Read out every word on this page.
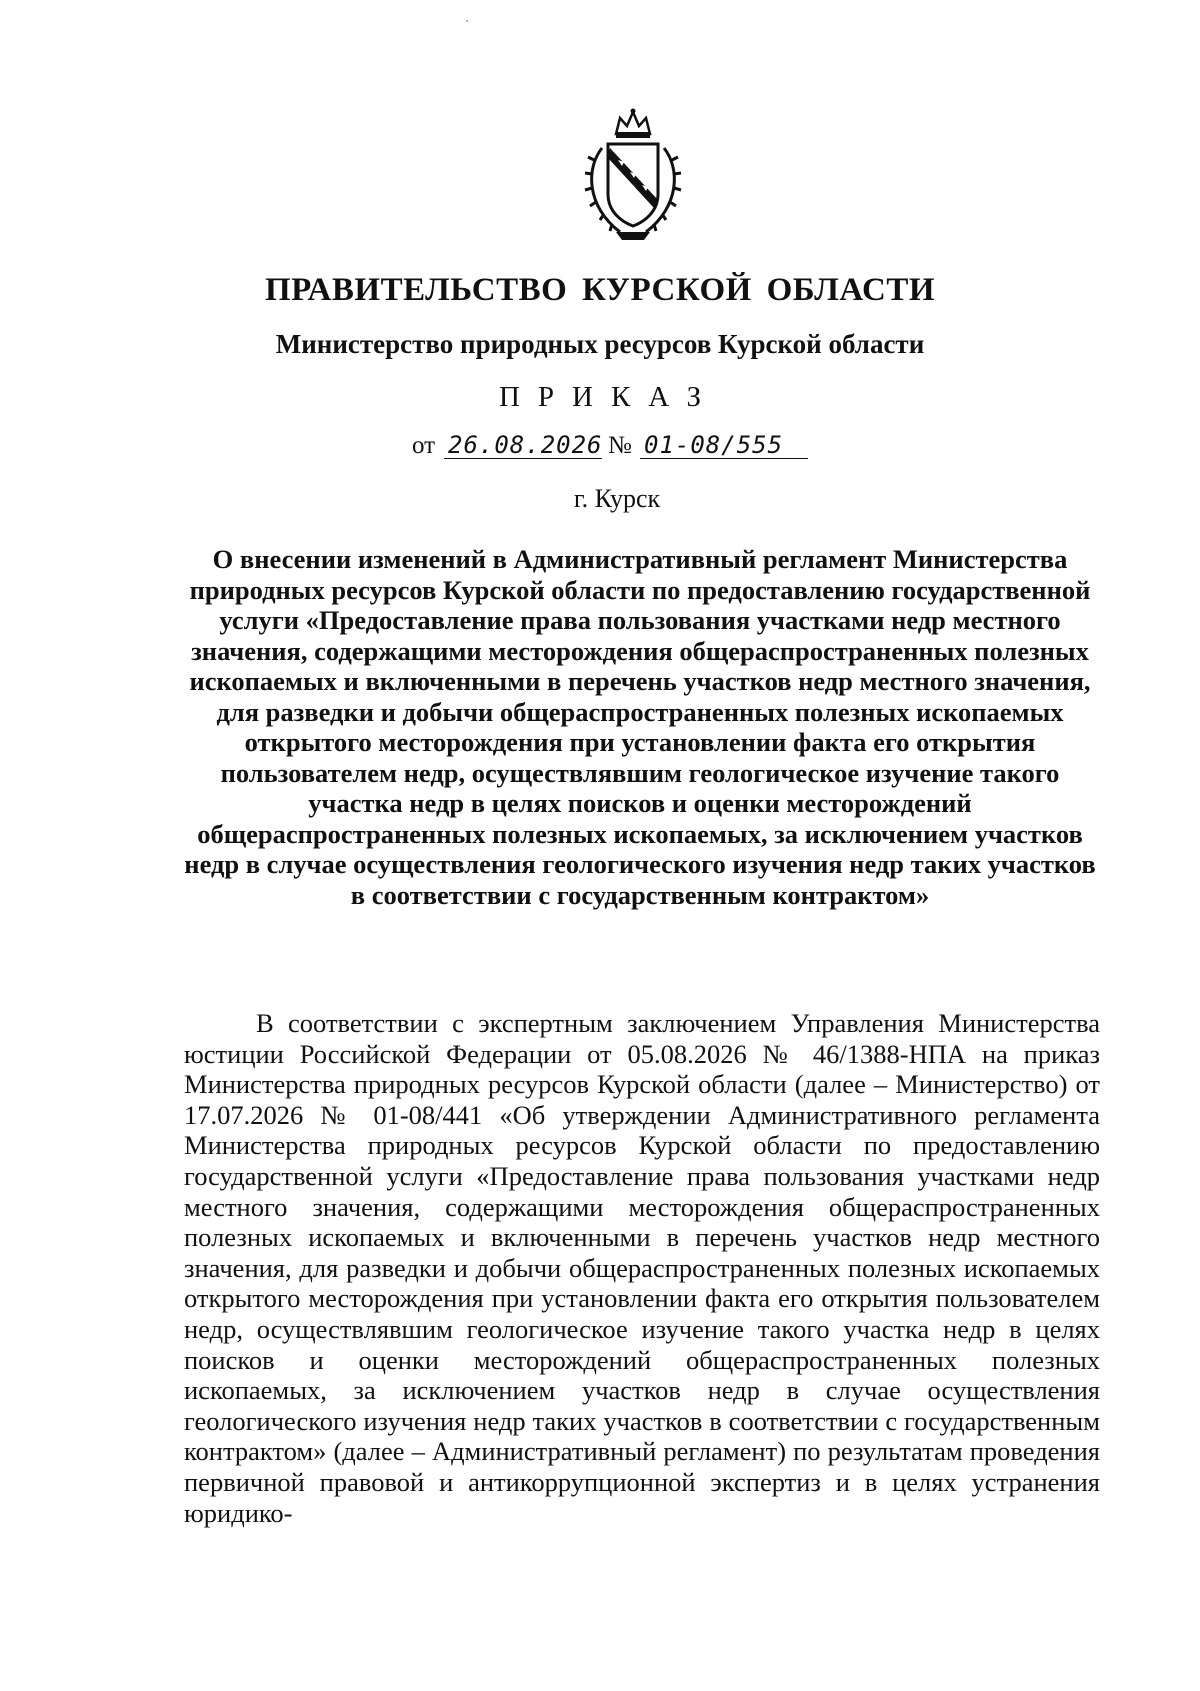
ПРАВИТЕЛЬСТВО КУРСКОЙ ОБЛАСТИ
Министерство природных ресурсов Курской области
ПРИКАЗ
от 26.08.2026 № 01-08/555
г. Курск
О внесении изменений в Административный регламент Министерства природных ресурсов Курской области по предоставлению государственной услуги «Предоставление права пользования участками недр местного значения, содержащими месторождения общераспространенных полезных ископаемых и включенными в перечень участков недр местного значения, для разведки и добычи общераспространенных полезных ископаемых открытого месторождения при установлении факта его открытия пользователем недр, осуществлявшим геологическое изучение такого участка недр в целях поисков и оценки месторождений общераспространенных полезных ископаемых, за исключением участков недр в случае осуществления геологического изучения недр таких участков в соответствии с государственным контрактом»
В соответствии с экспертным заключением Управления Министерства юстиции Российской Федерации от 05.08.2026 № 46/1388-НПА на приказ Министерства природных ресурсов Курской области (далее – Министерство) от 17.07.2026 № 01-08/441 «Об утверждении Административного регламента Министерства природных ресурсов Курской области по предоставлению государственной услуги «Предоставление права пользования участками недр местного значения, содержащими месторождения общераспространенных полезных ископаемых и включенными в перечень участков недр местного значения, для разведки и добычи общераспространенных полезных ископаемых открытого месторождения при установлении факта его открытия пользователем недр, осуществлявшим геологическое изучение такого участка недр в целях поисков и оценки месторождений общераспространенных полезных ископаемых, за исключением участков недр в случае осуществления геологического изучения недр таких участков в соответствии с государственным контрактом» (далее – Административный регламент) по результатам проведения первичной правовой и антикоррупционной экспертиз и в целях устранения юридико-
